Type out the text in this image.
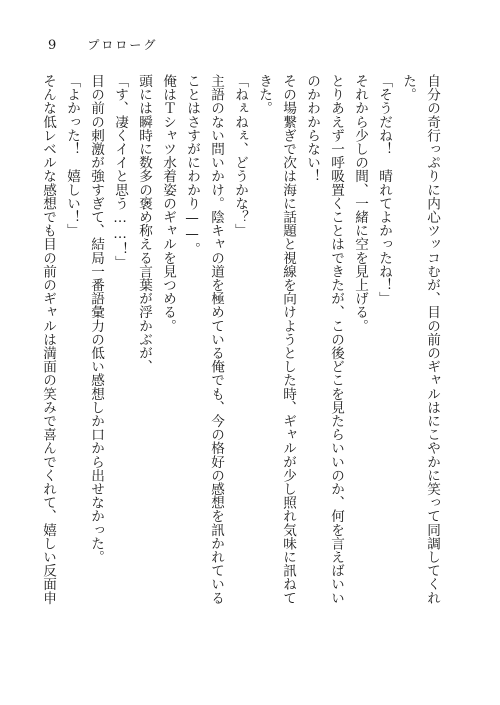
9	プロローグ
自分の奇行っぷりに内心ツッコむが、目の前のギャルはにこやかに笑って同調してくれ
た。
「そうだね！　晴れてよかったね！」
それから少しの間、一緒に空を見上げる。
とりあえず一呼吸置くことはできたが、この後どこを見たらいいのか、何を言えばいい
のかわからない！
その場繋ぎで次は海に話題と視線を向けようとした時、ギャルが少し照れ気味に訊ねて
きた。
「ねぇねぇ、どうかな？」
主語のない問いかけ。陰キャの道を極めている俺でも、今の格好の感想を訊かれている
ことはさすがにわかり——。
俺はＴシャツ水着姿のギャルを見つめる。
頭には瞬時に数多の褒め称える言葉が浮かぶが、
「す、凄くイイと思う……！」
目の前の刺激が強すぎて、結局一番語彙力の低い感想しか口から出せなかった。
「よかった！　嬉しい！」
そんな低レベルな感想でも目の前のギャルは満面の笑みで喜んでくれて、嬉しい反面申
